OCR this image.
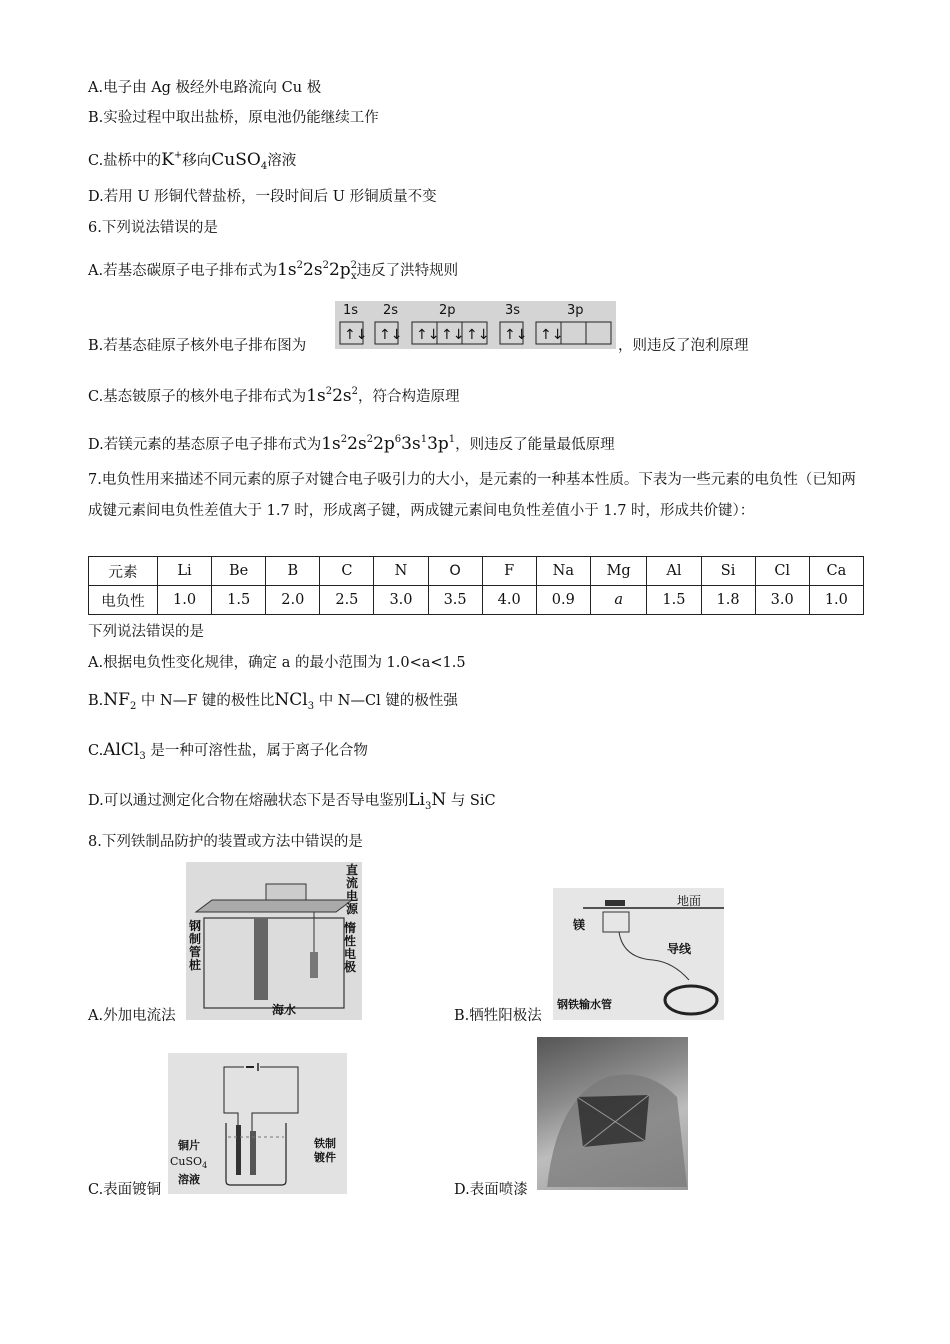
A.电子由 Ag 极经外电路流向 Cu 极
B.实验过程中取出盐桥，原电池仍能继续工作
C.盐桥中的K+移向CuSO$_4$溶液
D.若用 U 形铜代替盐桥，一段时间后 U 形铜质量不变
6.下列说法错误的是
A.若基态碳原子电子排布式为$1s^22s^22p^2_x$违反了洪特规则
1s 2s	2p	3s	3p
↑↓ ↑↓ ↑↓ ↑↓ ↑↓ ↑↓ ↑↓
B.若基态硅原子核外电子排布图为	，则违反了泡利原理
C.基态铍原子的核外电子排布式为$1s^22s^2$，符合构造原理
D.若镁元素的基态原子电子排布式为$1s^22s^22p^63s^13p^1$，则违反了能量最低原理
7.电负性用来描述不同元素的原子对键合电子吸引力的大小，是元素的一种基本性质。下表为一些元素的电负性（已知两成键元素间电负性差值大于 1.7 时，形成离子键，两成键元素间电负性差值小于 1.7 时，形成共价键）：
元素	Li	Be	B	C	N	O	F	Na	Mg	Al	Si	Cl	Ca
电负性	1.0	1.5	2.0	2.5	3.0	3.5	4.0	0.9	a	1.5	1.8	3.0	1.0
下列说法错误的是
A.根据电负性变化规律，确定 a 的最小范围为 1.0<a<1.5
$B.NF_2$ 中 N—F 键的极性比NCl$_3$ 中 N—Cl 键的极性强
C.AlCl$_3$ 是一种可溶性盐，属于离子化合物
D.可以通过测定化合物在熔融状态下是否导电鉴别$Li_3N$ 与 SiC
8.下列铁制品防护的装置或方法中错误的是
直流电源
钢制管桩
惰性电极
海水
A.外加电流法
地面
镁
导线
钢铁输水管
B.牺牲阳极法
铜片
CuSO$_4$
溶液
铁制镀件
C.表面镀铜	D.表面喷漆
